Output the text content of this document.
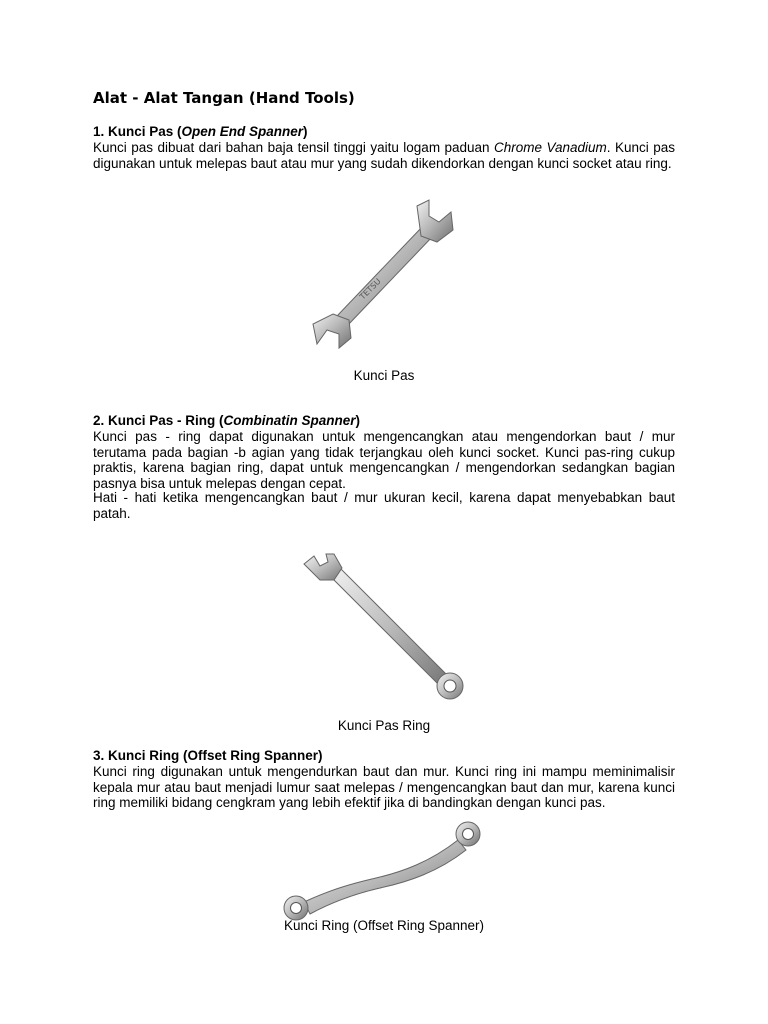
Alat - Alat Tangan (Hand Tools)
1. Kunci Pas (Open End Spanner)
Kunci pas dibuat dari bahan baja tensil tinggi yaitu logam paduan Chrome Vanadium. Kunci pas digunakan untuk melepas baut atau mur yang sudah dikendorkan dengan kunci socket atau ring.
TETSU
Kunci Pas
2. Kunci Pas - Ring (Combinatin Spanner)
Kunci pas - ring dapat digunakan untuk mengencangkan atau mengendorkan baut / mur terutama pada bagian -b agian yang tidak terjangkau oleh kunci socket. Kunci pas-ring cukup praktis, karena bagian ring, dapat untuk mengencangkan / mengendorkan sedangkan bagian pasnya bisa untuk melepas dengan cepat.
Hati - hati ketika mengencangkan baut / mur ukuran kecil, karena dapat menyebabkan baut patah.
Kunci Pas Ring
3. Kunci Ring (Offset Ring Spanner)
Kunci ring digunakan untuk mengendurkan baut dan mur. Kunci ring ini mampu meminimalisir kepala mur atau baut menjadi lumur saat melepas / mengencangkan baut dan mur, karena kunci ring memiliki bidang cengkram yang lebih efektif jika di bandingkan dengan kunci pas.
Kunci Ring (Offset Ring Spanner)
